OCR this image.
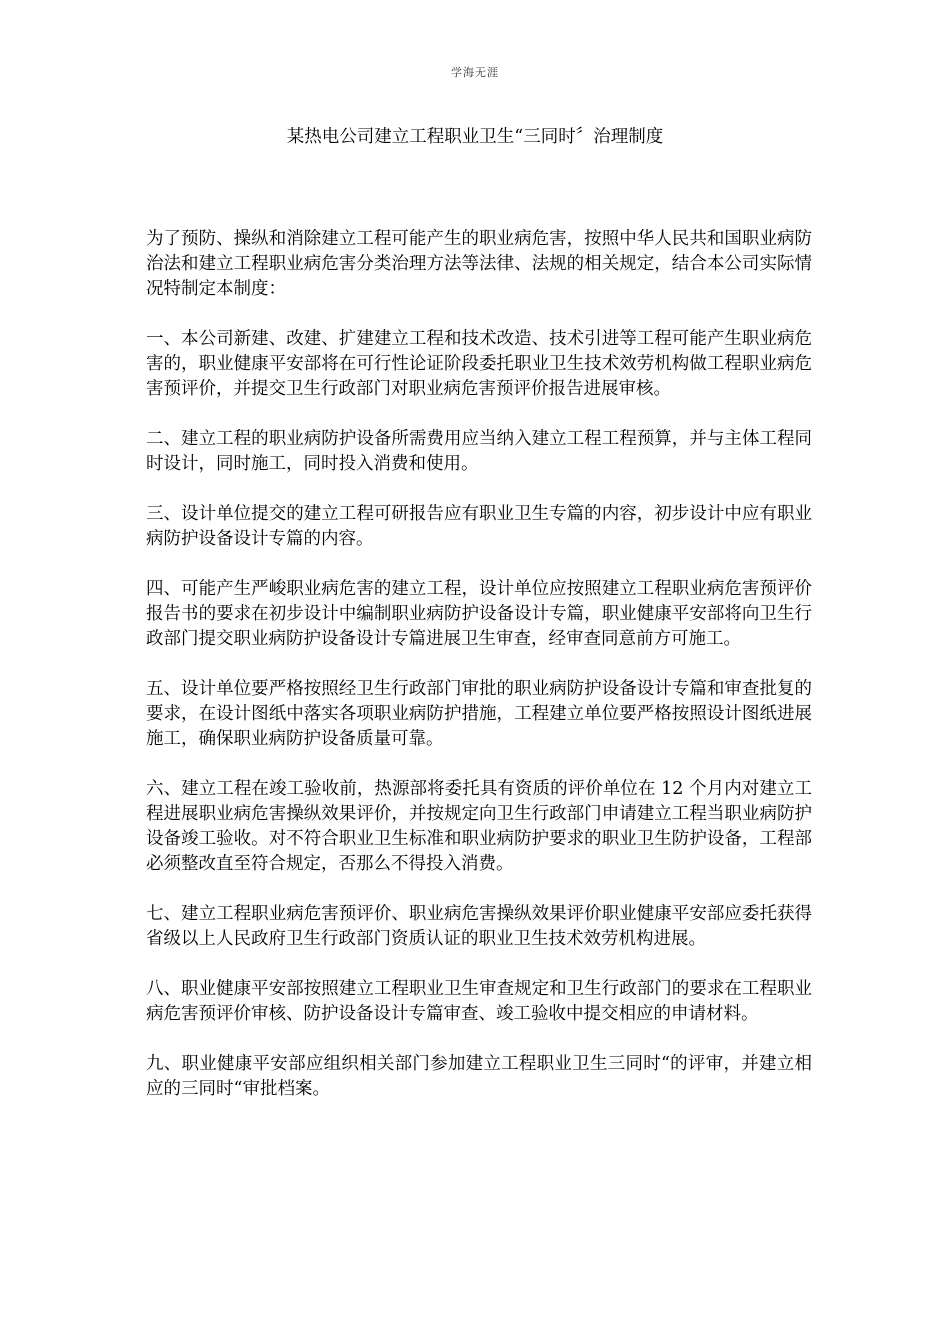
学海无涯
某热电公司建立工程职业卫生“三同时〞治理制度

为了预防、操纵和消除建立工程可能产生的职业病危害，按照中华人民共和国职业病防治法和建立工程职业病危害分类治理方法等法律、法规的相关规定，结合本公司实际情况特制定本制度：

一、本公司新建、改建、扩建建立工程和技术改造、技术引进等工程可能产生职业病危害的，职业健康平安部将在可行性论证阶段委托职业卫生技术效劳机构做工程职业病危害预评价，并提交卫生行政部门对职业病危害预评价报告进展审核。

二、建立工程的职业病防护设备所需费用应当纳入建立工程工程预算，并与主体工程同时设计，同时施工，同时投入消费和使用。

三、设计单位提交的建立工程可研报告应有职业卫生专篇的内容，初步设计中应有职业病防护设备设计专篇的内容。

四、可能产生严峻职业病危害的建立工程，设计单位应按照建立工程职业病危害预评价报告书的要求在初步设计中编制职业病防护设备设计专篇，职业健康平安部将向卫生行政部门提交职业病防护设备设计专篇进展卫生审查，经审查同意前方可施工。

五、设计单位要严格按照经卫生行政部门审批的职业病防护设备设计专篇和审查批复的要求，在设计图纸中落实各项职业病防护措施，工程建立单位要严格按照设计图纸进展施工，确保职业病防护设备质量可靠。

六、建立工程在竣工验收前，热源部将委托具有资质的评价单位在 12 个月内对建立工程进展职业病危害操纵效果评价，并按规定向卫生行政部门申请建立工程当职业病防护设备竣工验收。对不符合职业卫生标准和职业病防护要求的职业卫生防护设备，工程部必须整改直至符合规定，否那么不得投入消费。

七、建立工程职业病危害预评价、职业病危害操纵效果评价职业健康平安部应委托获得省级以上人民政府卫生行政部门资质认证的职业卫生技术效劳机构进展。

八、职业健康平安部按照建立工程职业卫生审查规定和卫生行政部门的要求在工程职业病危害预评价审核、防护设备设计专篇审查、竣工验收中提交相应的申请材料。

九、职业健康平安部应组织相关部门参加建立工程职业卫生三同时“的评审，并建立相应的三同时“审批档案。
